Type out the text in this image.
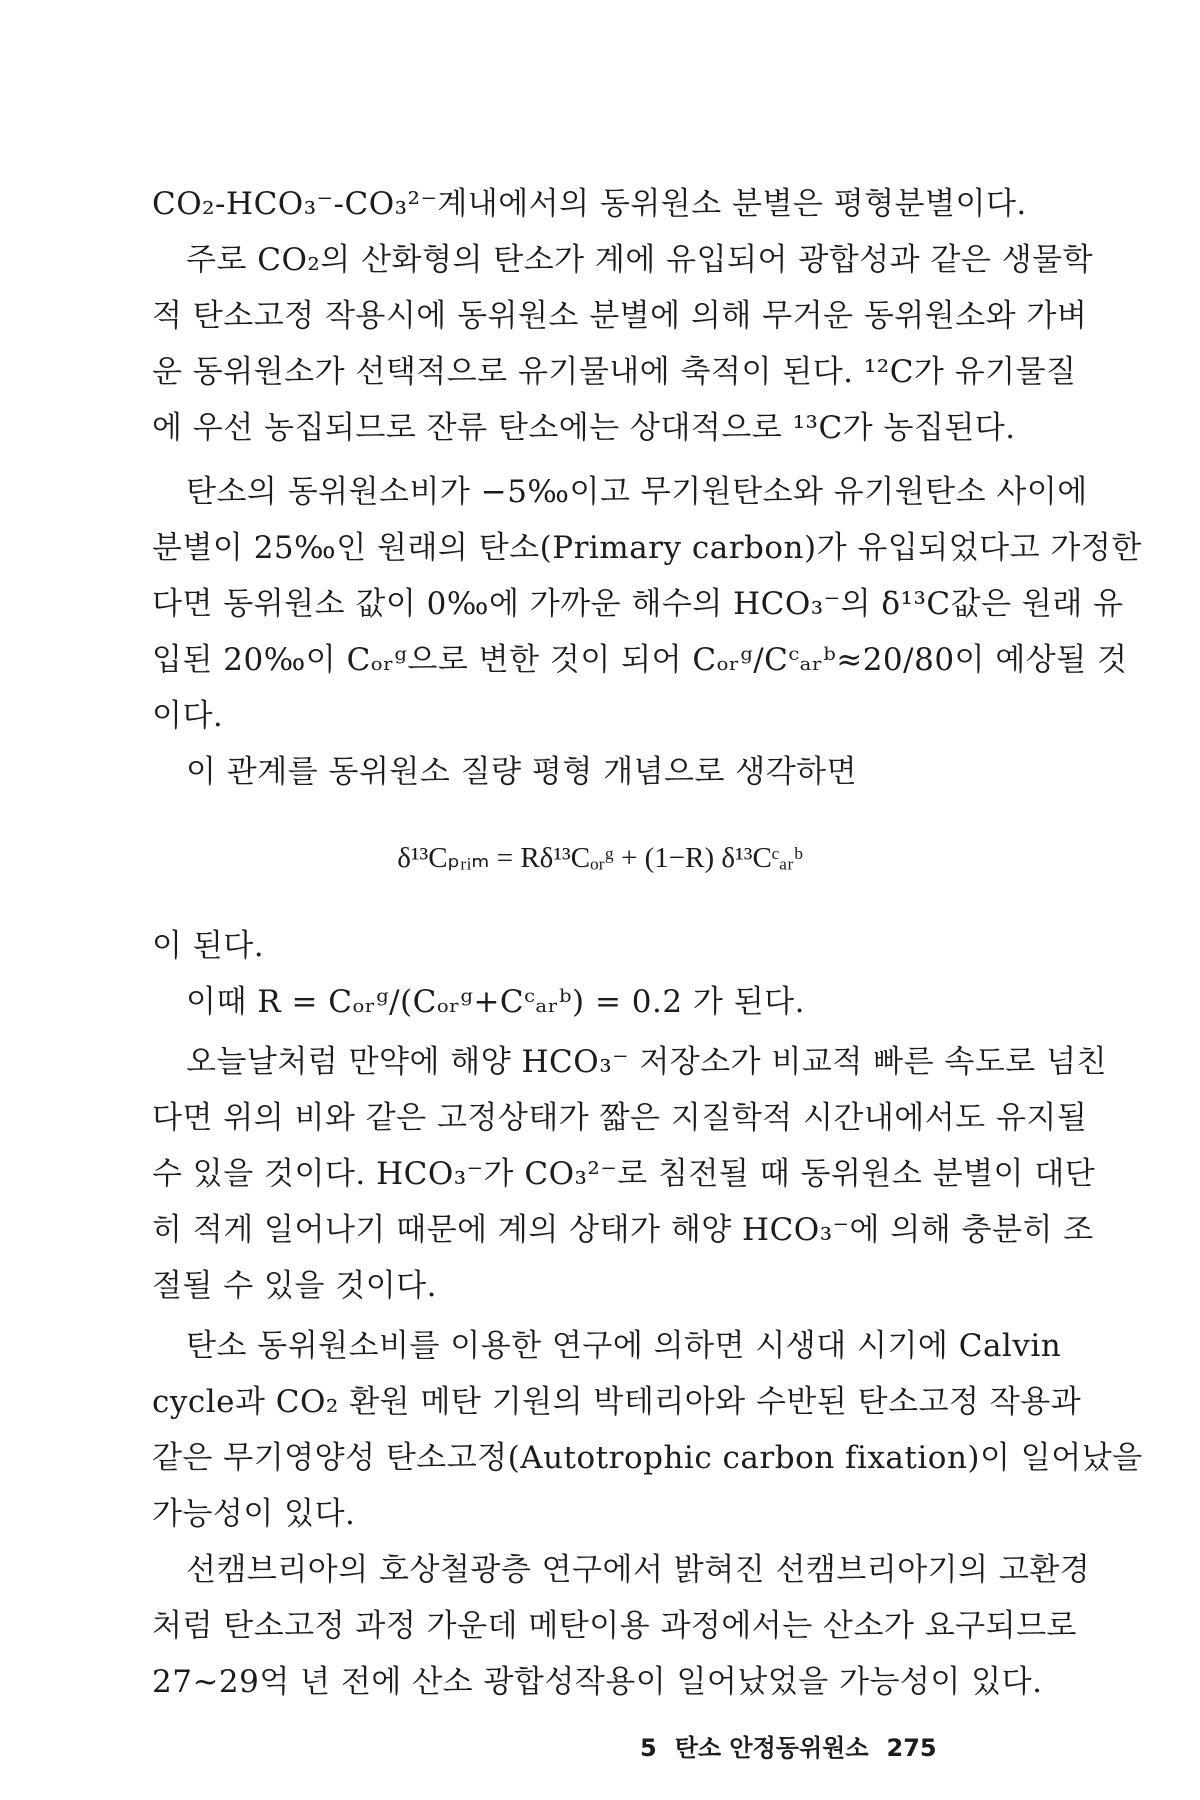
CO₂-HCO₃⁻-CO₃²⁻계내에서의 동위원소 분별은 평형분별이다.
주로 CO₂의 산화형의 탄소가 계에 유입되어 광합성과 같은 생물학
적 탄소고정 작용시에 동위원소 분별에 의해 무거운 동위원소와 가벼
운 동위원소가 선택적으로 유기물내에 축적이 된다. ¹²C가 유기물질
에 우선 농집되므로 잔류 탄소에는 상대적으로 ¹³C가 농집된다.
탄소의 동위원소비가 −5‰이고 무기원탄소와 유기원탄소 사이에
분별이 25‰인 원래의 탄소(Primary carbon)가 유입되었다고 가정한
다면 동위원소 값이 0‰에 가까운 해수의 HCO₃⁻의 δ¹³C값은 원래 유
입된 20‰이 Cₒᵣᵍ으로 변한 것이 되어 Cₒᵣᵍ/Cᶜₐᵣᵇ≈20/80이 예상될 것
이다.
이 관계를 동위원소 질량 평형 개념으로 생각하면
δ¹³Cₚᵣᵢₘ = Rδ¹³Cₒᵣᵍ + (1−R) δ¹³Cᶜₐᵣᵇ
이 된다.
이때 R = Cₒᵣᵍ/(Cₒᵣᵍ+Cᶜₐᵣᵇ) = 0.2 가 된다.
오늘날처럼 만약에 해양 HCO₃⁻ 저장소가 비교적 빠른 속도로 넘친
다면 위의 비와 같은 고정상태가 짧은 지질학적 시간내에서도 유지될
수 있을 것이다. HCO₃⁻가 CO₃²⁻로 침전될 때 동위원소 분별이 대단
히 적게 일어나기 때문에 계의 상태가 해양 HCO₃⁻에 의해 충분히 조
절될 수 있을 것이다.
탄소 동위원소비를 이용한 연구에 의하면 시생대 시기에 Calvin
cycle과 CO₂ 환원 메탄 기원의 박테리아와 수반된 탄소고정 작용과
같은 무기영양성 탄소고정(Autotrophic carbon fixation)이 일어났을
가능성이 있다.
선캠브리아의 호상철광층 연구에서 밝혀진 선캠브리아기의 고환경
처럼 탄소고정 과정 가운데 메탄이용 과정에서는 산소가 요구되므로
27~29억 년 전에 산소 광합성작용이 일어났었을 가능성이 있다.
5 탄소 안정동위원소 275
